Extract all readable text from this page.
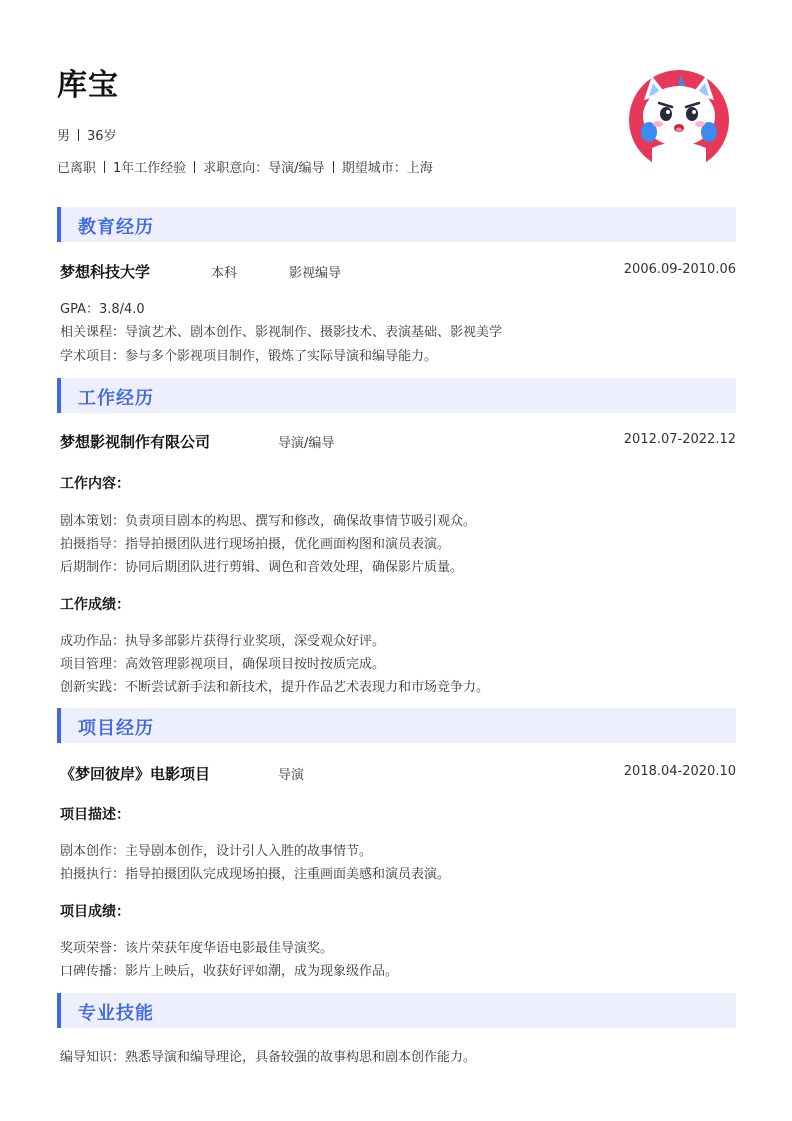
库宝
男 36岁
已离职 1年工作经验 求职意向：导演/编导 期望城市：上海
教育经历
梦想科技大学	本科	影视编导	2006.09-2010.06
GPA：3.8/4.0
相关课程：导演艺术、剧本创作、影视制作、摄影技术、表演基础、影视美学
学术项目：参与多个影视项目制作，锻炼了实际导演和编导能力。
工作经历
梦想影视制作有限公司	导演/编导	2012.07-2022.12
工作内容：
剧本策划：负责项目剧本的构思、撰写和修改，确保故事情节吸引观众。
拍摄指导：指导拍摄团队进行现场拍摄，优化画面构图和演员表演。
后期制作：协同后期团队进行剪辑、调色和音效处理，确保影片质量。
工作成绩：
成功作品：执导多部影片获得行业奖项，深受观众好评。
项目管理：高效管理影视项目，确保项目按时按质完成。
创新实践：不断尝试新手法和新技术，提升作品艺术表现力和市场竞争力。
项目经历
《梦回彼岸》电影项目	导演	2018.04-2020.10
项目描述：
剧本创作：主导剧本创作，设计引人入胜的故事情节。
拍摄执行：指导拍摄团队完成现场拍摄，注重画面美感和演员表演。
项目成绩：
奖项荣誉：该片荣获年度华语电影最佳导演奖。
口碑传播：影片上映后，收获好评如潮，成为现象级作品。
专业技能
编导知识：熟悉导演和编导理论，具备较强的故事构思和剧本创作能力。
